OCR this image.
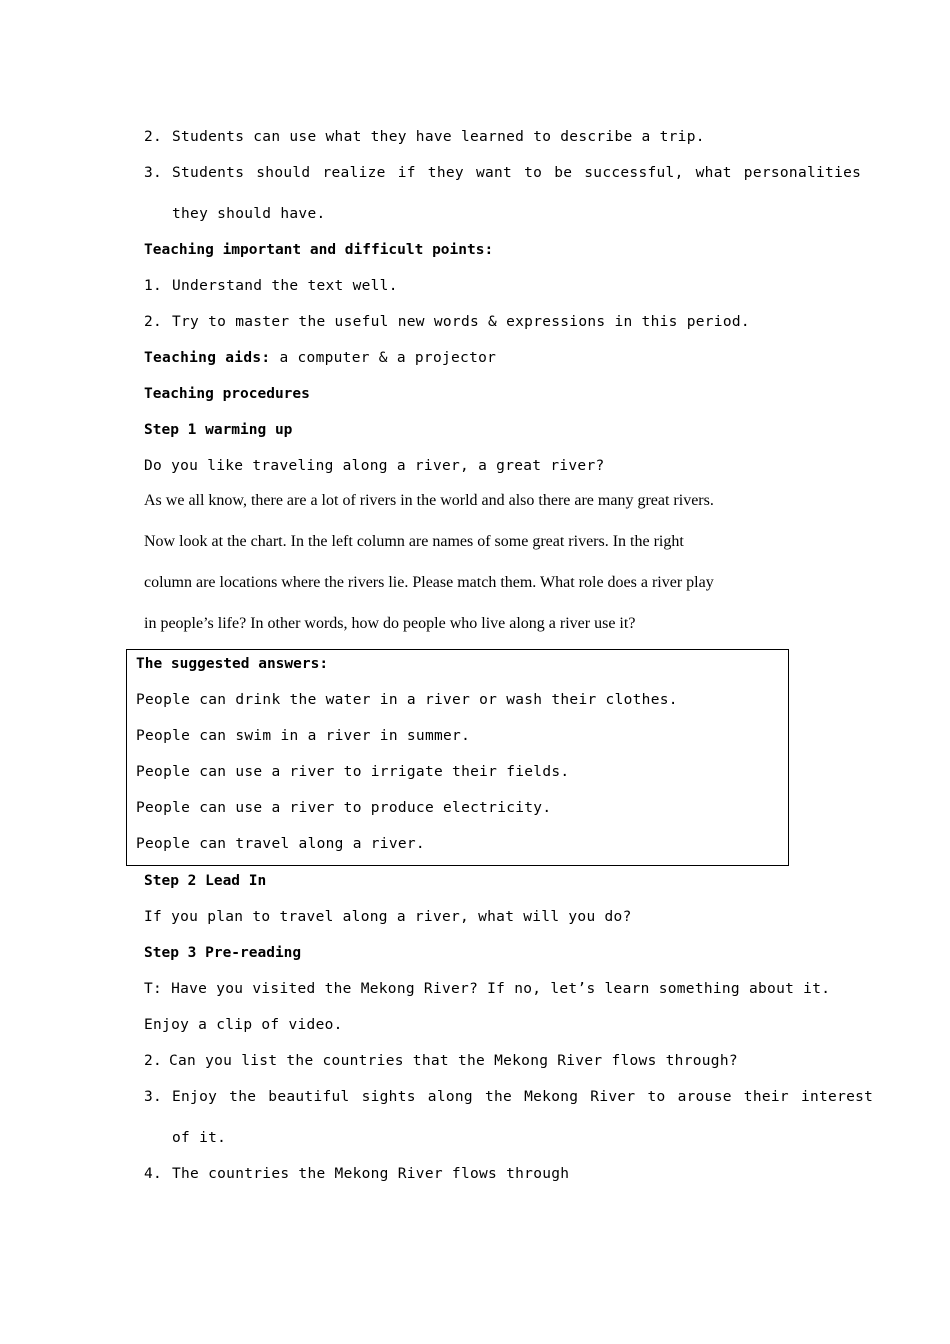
2. Students can use what they have learned to describe a trip.
3. Students should realize if they want to be successful, what personalities
they should have.
Teaching important and difficult points:
1. Understand the text well.
2. Try to master the useful new words & expressions in this period.
Teaching aids: a computer & a projector
Teaching procedures
Step 1 warming up
Do you like traveling along a river, a great river?
As we all know, there are a lot of rivers in the world and also there are many great rivers.
Now look at the chart. In the left column are names of some great rivers. In the right
column are locations where the rivers lie. Please match them. What role does a river play
in people’s life? In other words, how do people who live along a river use it?
The suggested answers:
People can drink the water in a river or wash their clothes.
People can swim in a river in summer.
People can use a river to irrigate their fields.
People can use a river to produce electricity.
People can travel along a river.
Step 2 Lead In
If you plan to travel along a river, what will you do?
Step 3 Pre-reading
T: Have you visited the Mekong River? If no, let’s learn something about it.
Enjoy a clip of video.
2. Can you list the countries that the Mekong River flows through?
3. Enjoy the beautiful sights along the Mekong River to arouse their interest
of it.
4. The countries the Mekong River flows through
